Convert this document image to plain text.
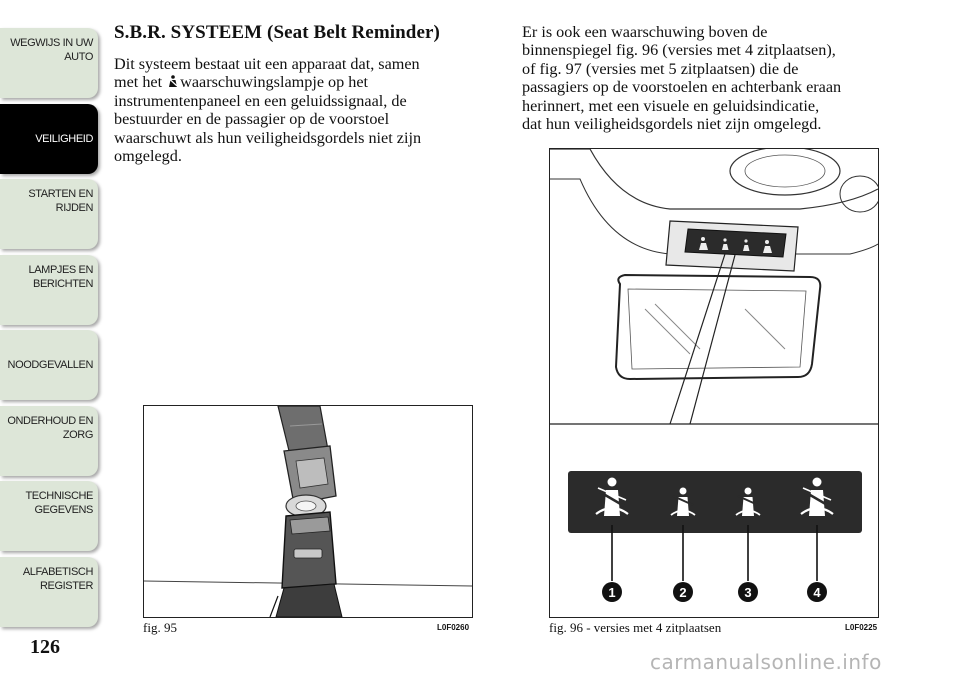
WEGWIJS IN UW AUTO
VEILIGHEID
STARTEN EN RIJDEN
LAMPJES EN BERICHTEN
NOODGEVALLEN
ONDERHOUD EN ZORG
TECHNISCHE GEGEVENS
ALFABETISCH REGISTER
126
S.B.R. SYSTEEM (Seat Belt Reminder)

Dit systeem bestaat uit een apparaat dat, samen
met het waarschuwingslampje op het
instrumentenpaneel en een geluidssignaal, de
bestuurder en de passagier op de voorstoel
waarschuwt als hun veiligheidsgordels niet zijn
omgelegd.

Er is ook een waarschuwing boven de
binnenspiegel fig. 96 (versies met 4 zitplaatsen),
of fig. 97 (versies met 5 zitplaatsen) die de
passagiers op de voorstoelen en achterbank eraan
herinnert, met een visuele en geluidsindicatie,
dat hun veiligheidsgordels niet zijn omgelegd.

fig. 95	L0F0260
1	2	3	4
fig. 96 - versies met 4 zitplaatsen	L0F0225
carmanualsonline.info
